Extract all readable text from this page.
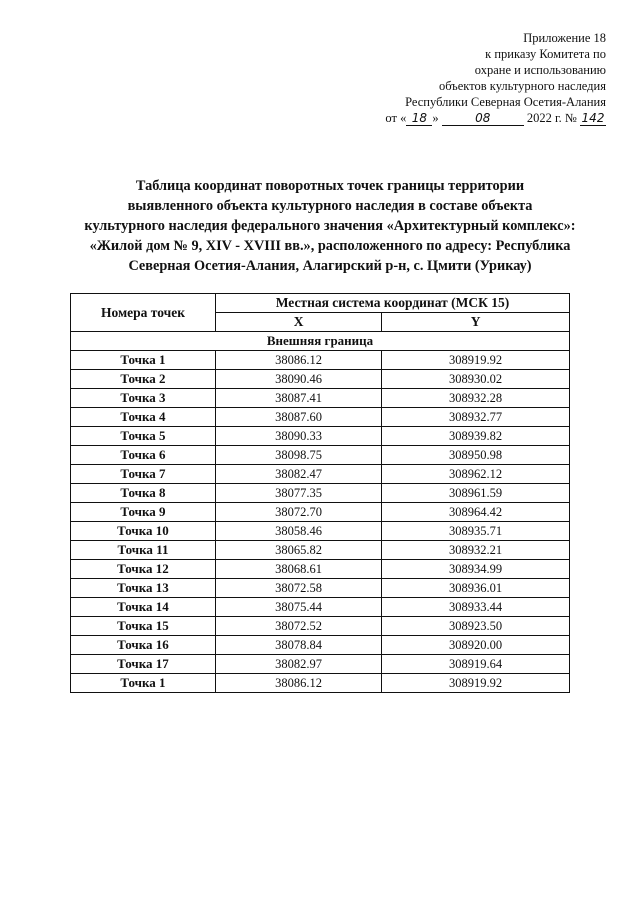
Приложение 18
к приказу Комитета по
охране и использованию
объектов культурного наследия
Республики Северная Осетия-Алания
от « 18 »	08	2022 г. № 142
Таблица координат поворотных точек границы территории
выявленного объекта культурного наследия в составе объекта
культурного наследия федерального значения «Архитектурный комплекс»:
«Жилой дом № 9, XIV - XVIII вв.», расположенного по адресу: Республика
Северная Осетия-Алания, Алагирский р-н, с. Цмити (Урикау)
Номера точек	Местная система координат (МСК 15)	
	X	Y
Внешняя граница		
Точка 1	38086.12	308919.92
Точка 2	38090.46	308930.02
Точка 3	38087.41	308932.28
Точка 4	38087.60	308932.77
Точка 5	38090.33	308939.82
Точка 6	38098.75	308950.98
Точка 7	38082.47	308962.12
Точка 8	38077.35	308961.59
Точка 9	38072.70	308964.42
Точка 10	38058.46	308935.71
Точка 11	38065.82	308932.21
Точка 12	38068.61	308934.99
Точка 13	38072.58	308936.01
Точка 14	38075.44	308933.44
Точка 15	38072.52	308923.50
Точка 16	38078.84	308920.00
Точка 17	38082.97	308919.64
Точка 1	38086.12	308919.92
